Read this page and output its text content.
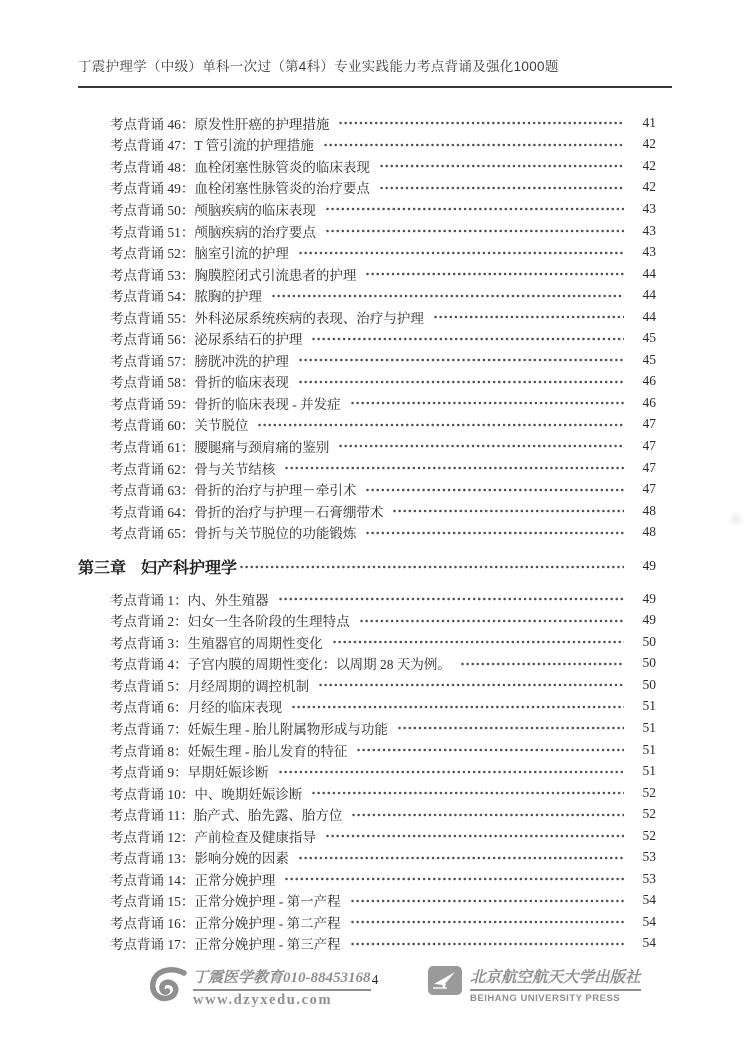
丁震护理学（中级）单科一次过（第4科）专业实践能力考点背诵及强化1000题
考点背诵 46：原发性肝癌的护理措施	41
考点背诵 47：T 管引流的护理措施	42
考点背诵 48：血栓闭塞性脉管炎的临床表现	42
考点背诵 49：血栓闭塞性脉管炎的治疗要点	42
考点背诵 50：颅脑疾病的临床表现	43
考点背诵 51：颅脑疾病的治疗要点	43
考点背诵 52：脑室引流的护理	43
考点背诵 53：胸膜腔闭式引流患者的护理	44
考点背诵 54：脓胸的护理	44
考点背诵 55：外科泌尿系统疾病的表现、治疗与护理	44
考点背诵 56：泌尿系结石的护理	45
考点背诵 57：膀胱冲洗的护理	45
考点背诵 58：骨折的临床表现	46
考点背诵 59：骨折的临床表现 - 并发症	46
考点背诵 60：关节脱位	47
考点背诵 61：腰腿痛与颈肩痛的鉴别	47
考点背诵 62：骨与关节结核	47
考点背诵 63：骨折的治疗与护理－牵引术	47
考点背诵 64：骨折的治疗与护理－石膏绷带术	48
考点背诵 65：骨折与关节脱位的功能锻炼	48
第三章 妇产科护理学	49
考点背诵 1：内、外生殖器	49
考点背诵 2：妇女一生各阶段的生理特点	49
考点背诵 3：生殖器官的周期性变化	50
考点背诵 4：子宫内膜的周期性变化：以周期 28 天为例。	50
考点背诵 5：月经周期的调控机制	50
考点背诵 6：月经的临床表现	51
考点背诵 7：妊娠生理 - 胎儿附属物形成与功能	51
考点背诵 8：妊娠生理 - 胎儿发育的特征	51
考点背诵 9：早期妊娠诊断	51
考点背诵 10：中、晚期妊娠诊断	52
考点背诵 11：胎产式、胎先露、胎方位	52
考点背诵 12：产前检查及健康指导	52
考点背诵 13：影响分娩的因素	53
考点背诵 14：正常分娩护理	53
考点背诵 15：正常分娩护理 - 第一产程	54
考点背诵 16：正常分娩护理 - 第二产程	54
考点背诵 17：正常分娩护理 - 第三产程	54
丁震医学教育010-88453168
www.dzyxedu.com
4	北京航空航天大学出版社
BEIHANG UNIVERSITY PRESS
